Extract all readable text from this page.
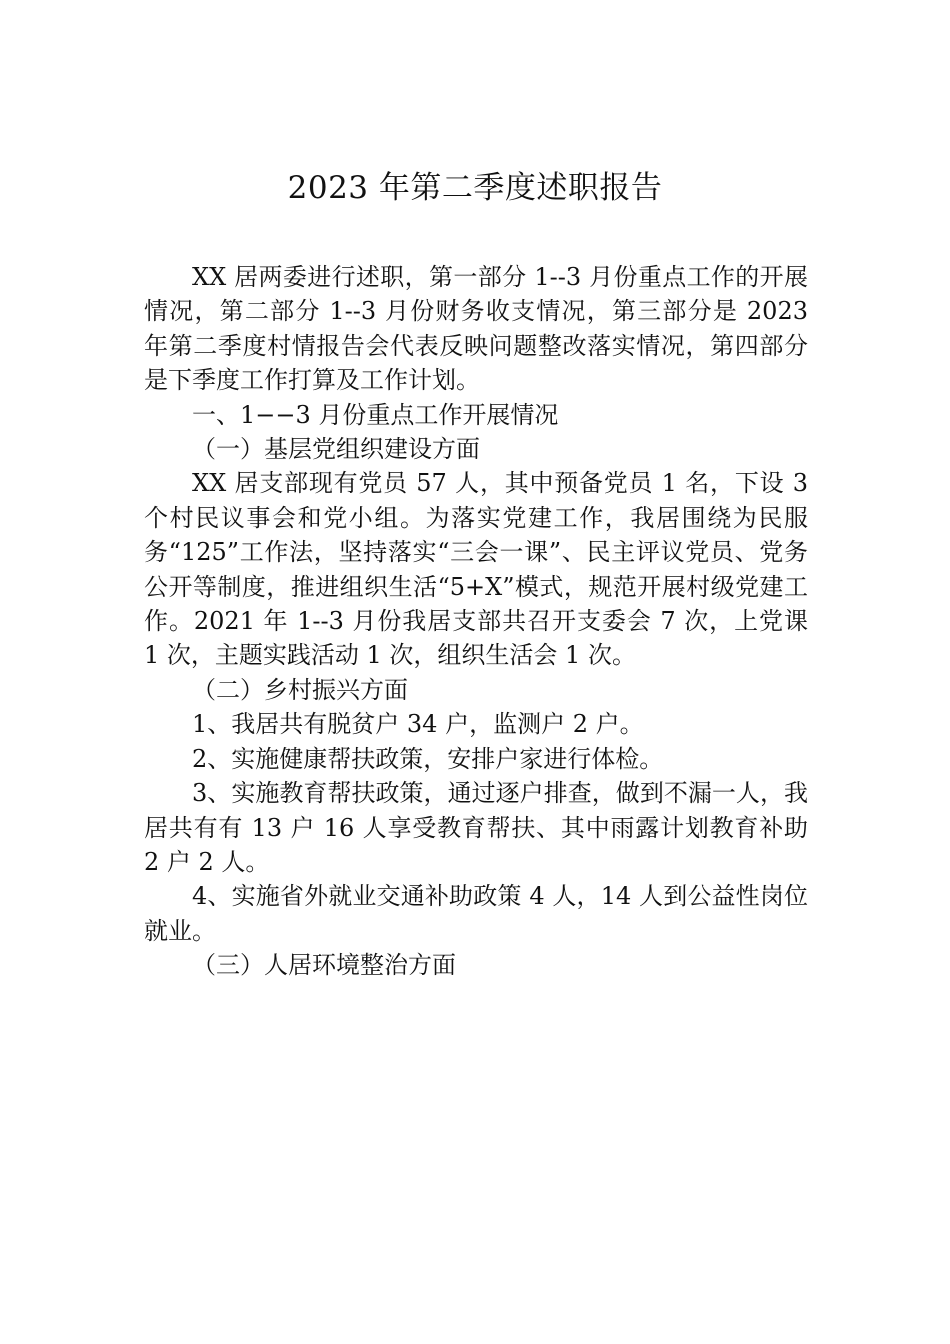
2023 年第二季度述职报告

XX 居两委进行述职，第一部分 1--3 月份重点工作的开展情况，第二部分 1--3 月份财务收支情况，第三部分是 2023 年第二季度村情报告会代表反映问题整改落实情况，第四部分是下季度工作打算及工作计划。

一、1−−3 月份重点工作开展情况

（一）基层党组织建设方面

XX 居支部现有党员 57 人，其中预备党员 1 名，下设 3 个村民议事会和党小组。为落实党建工作，我居围绕为民服务“125”工作法，坚持落实“三会一课”、民主评议党员、党务公开等制度，推进组织生活“5+X”模式，规范开展村级党建工作。2021 年 1--3 月份我居支部共召开支委会 7 次，上党课 1 次，主题实践活动 1 次，组织生活会 1 次。

（二）乡村振兴方面

1、我居共有脱贫户 34 户，监测户 2 户。

2、实施健康帮扶政策，安排户家进行体检。

3、实施教育帮扶政策，通过逐户排查，做到不漏一人，我居共有有 13 户 16 人享受教育帮扶、其中雨露计划教育补助 2 户 2 人。

4、实施省外就业交通补助政策 4 人，14 人到公益性岗位就业。

（三）人居环境整治方面
